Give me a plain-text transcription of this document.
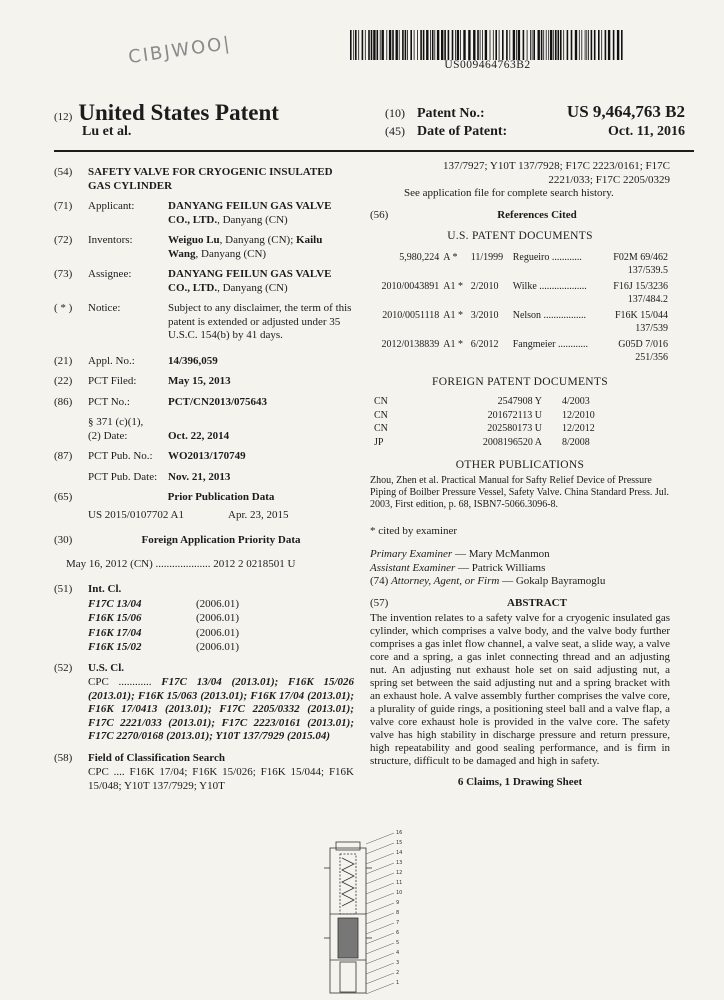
CIBJWOO|	US009464763B2
(12) United States Patent
Lu et al.
(10) Patent No.:	US 9,464,763 B2
(45) Date of Patent:	Oct. 11, 2016
(54)	SAFETY VALVE FOR CRYOGENIC INSULATED GAS CYLINDER
(71)	Applicant:	DANYANG FEILUN GAS VALVE CO., LTD., Danyang (CN)
(72)	Inventors:	Weiguo Lu, Danyang (CN); Kailu Wang, Danyang (CN)
(73)	Assignee:	DANYANG FEILUN GAS VALVE CO., LTD., Danyang (CN)
( * )	Notice:	Subject to any disclaimer, the term of this patent is extended or adjusted under 35 U.S.C. 154(b) by 41 days.
(21)	Appl. No.:	14/396,059
(22)	PCT Filed:	May 15, 2013
(86)	PCT No.:	PCT/CN2013/075643
§ 371 (c)(1),
(2) Date:	Oct. 22, 2014
(87)	PCT Pub. No.:	WO2013/170749
PCT Pub. Date: Nov. 21, 2013
(65)	Prior Publication Data
US 2015/0107702 A1	Apr. 23, 2015
(30)	Foreign Application Priority Data
May 16, 2012 (CN) .................... 2012 2 0218501 U
(51)	Int. Cl.
F17C 13/04	(2006.01)
F16K 15/06	(2006.01)
F16K 17/04	(2006.01)
F16K 15/02	(2006.01)
(52)	U.S. Cl.
CPC ............ F17C 13/04 (2013.01); F16K 15/026 (2013.01); F16K 15/063 (2013.01); F16K 17/04 (2013.01); F16K 17/0413 (2013.01); F17C 2205/0332 (2013.01); F17C 2221/033 (2013.01); F17C 2223/0161 (2013.01); F17C 2270/0168 (2013.01); Y10T 137/7929 (2015.04)
(58)	Field of Classification Search
CPC .... F16K 17/04; F16K 15/026; F16K 15/044; F16K 15/048; Y10T 137/7929; Y10T
137/7927; Y10T 137/7928; F17C 2223/0161; F17C 2221/033; F17C 2205/0329
See application file for complete search history.
(56)	References Cited
U.S. PATENT DOCUMENTS
5,980,224	A *	11/1999	Regueiro ............	F02M 69/462
137/539.5
2010/0043891	A1 *	2/2010	Wilke ...................	F16J 15/3236
137/484.2
2010/0051118	A1 *	3/2010	Nelson .................	F16K 15/044
137/539
2012/0138839	A1 *	6/2012	Fangmeier ............	G05D 7/016
251/356
FOREIGN PATENT DOCUMENTS
CN	2547908 Y	4/2003
CN	201672113 U	12/2010
CN	202580173 U	12/2012
JP	2008196520 A	8/2008
OTHER PUBLICATIONS
Zhou, Zhen et al. Practical Manual for Safty Relief Device of Pressure Piping of Boilber Pressure Vessel, Safety Valve. China Standard Press. Jul. 2003, First edition, p. 68, ISBN7-5066.3096-8.
* cited by examiner
Primary Examiner — Mary McManmon
Assistant Examiner — Patrick Williams
(74) Attorney, Agent, or Firm — Gokalp Bayramoglu
(57)	ABSTRACT
The invention relates to a safety valve for a cryogenic insulated gas cylinder, which comprises a valve body, and the valve body further comprises a gas inlet flow channel, a valve seat, a slide way, a valve core and a spring, a gas inlet connecting thread and an adjusting nut. An adjusting nut exhaust hole set on said adjusting nut, a spring set between the said adjusting nut and a spring bracket with an exhaust hole. A valve assembly further comprises the valve core, a plurality of guide rings, a positioning steel ball and a valve flap, a valve core exhaust hole is provided in the valve core. The safety valve has high stability in discharge pressure and return pressure, high repeatability and good sealing performance, and is firm in structure, difficult to be damaged and high in safety.
6 Claims, 1 Drawing Sheet
16
15
14
13
12
11
10
9
8
7
6
5
4
3
2
1
